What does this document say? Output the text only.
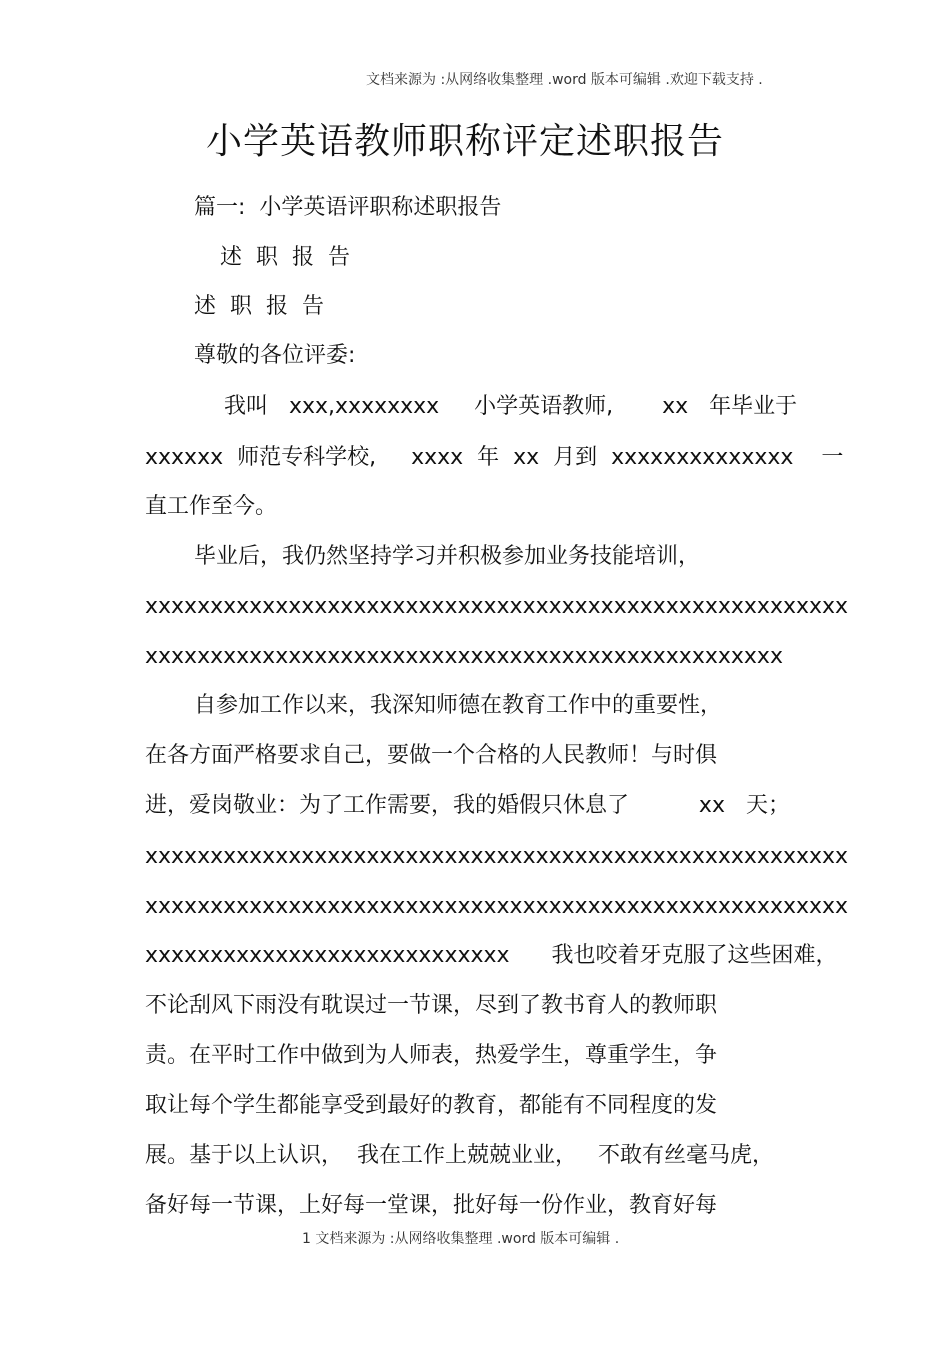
文档来源为 :从网络收集整理 .word 版本可编辑 .欢迎下载支持 .
小学英语教师职称评定述职报告
篇一:  小学英语评职称述职报告
述  职  报  告
述  职  报  告
尊敬的各位评委:
我叫   xxx,xxxxxxxx     小学英语教师,       xx   年毕业于
xxxxxx  师范专科学校,     xxxx  年  xx  月到  xxxxxxxxxxxxxx    一
直工作至今。
毕业后，我仍然坚持学习并积极参加业务技能培训，
xxxxxxxxxxxxxxxxxxxxxxxxxxxxxxxxxxxxxxxxxxxxxxxxxxxxxx
xxxxxxxxxxxxxxxxxxxxxxxxxxxxxxxxxxxxxxxxxxxxxxxxx
自参加工作以来，我深知师德在教育工作中的重要性，
在各方面严格要求自己，要做一个合格的人民教师！与时俱
进，爱岗敬业：为了工作需要，我的婚假只休息了          xx   天；
xxxxxxxxxxxxxxxxxxxxxxxxxxxxxxxxxxxxxxxxxxxxxxxxxxxxxx
xxxxxxxxxxxxxxxxxxxxxxxxxxxxxxxxxxxxxxxxxxxxxxxxxxxxxx
xxxxxxxxxxxxxxxxxxxxxxxxxxxx      我也咬着牙克服了这些困难，
不论刮风下雨没有耽误过一节课，尽到了教书育人的教师职
责。在平时工作中做到为人师表，热爱学生，尊重学生，争
取让每个学生都能享受到最好的教育，都能有不同程度的发
展。基于以上认识，  我在工作上兢兢业业，   不敢有丝毫马虎，
备好每一节课，上好每一堂课，批好每一份作业，教育好每
1 文档来源为 :从网络收集整理 .word 版本可编辑 .
